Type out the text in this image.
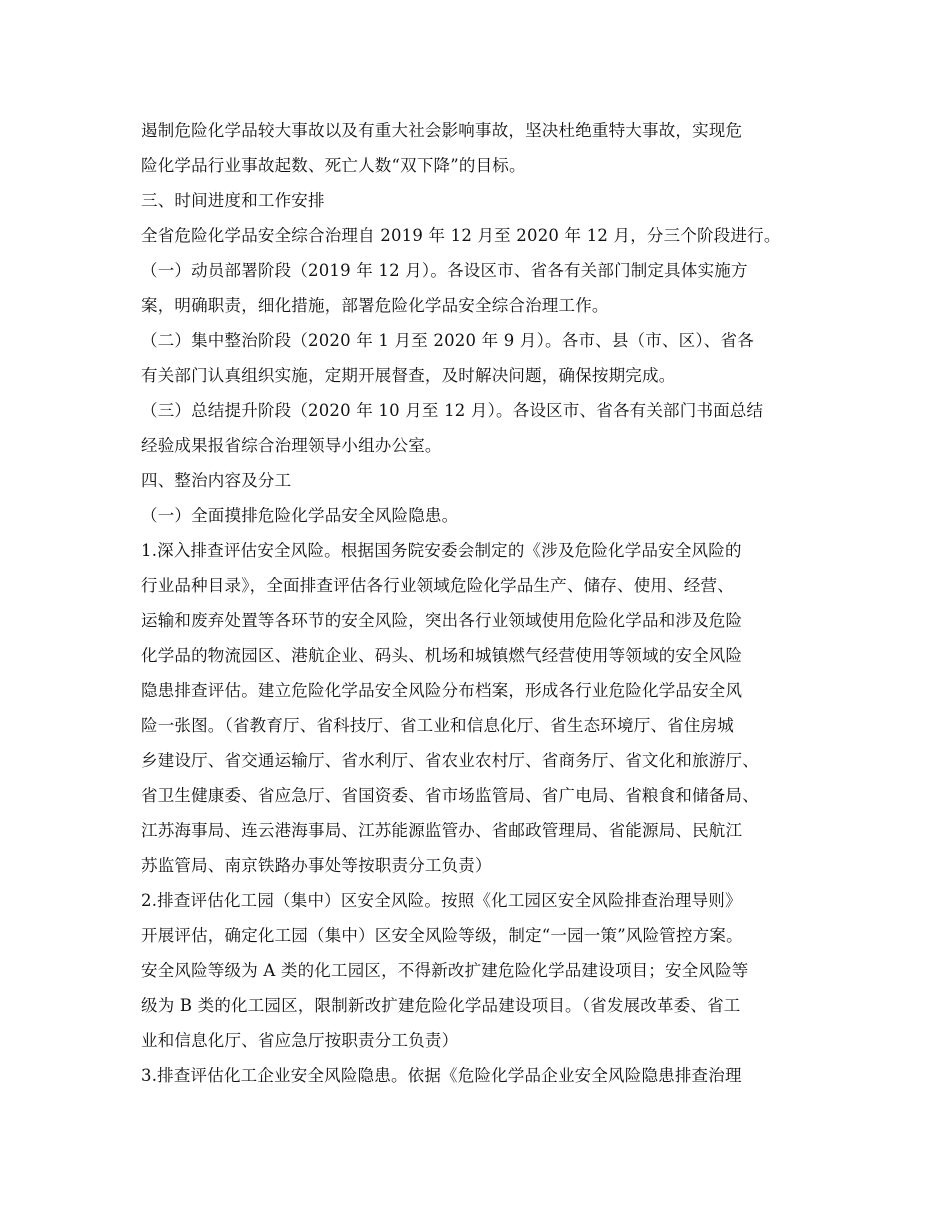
遏制危险化学品较大事故以及有重大社会影响事故，坚决杜绝重特大事故，实现危
险化学品行业事故起数、死亡人数“双下降”的目标。
三、时间进度和工作安排
全省危险化学品安全综合治理自 2019 年 12 月至 2020 年 12 月，分三个阶段进行。
（一）动员部署阶段（2019 年 12 月）。各设区市、省各有关部门制定具体实施方
案，明确职责，细化措施，部署危险化学品安全综合治理工作。
（二）集中整治阶段（2020 年 1 月至 2020 年 9 月）。各市、县（市、区）、省各
有关部门认真组织实施，定期开展督查，及时解决问题，确保按期完成。
（三）总结提升阶段（2020 年 10 月至 12 月）。各设区市、省各有关部门书面总结
经验成果报省综合治理领导小组办公室。
四、整治内容及分工
（一）全面摸排危险化学品安全风险隐患。
1.深入排查评估安全风险。根据国务院安委会制定的《涉及危险化学品安全风险的
行业品种目录》，全面排查评估各行业领域危险化学品生产、储存、使用、经营、
运输和废弃处置等各环节的安全风险，突出各行业领域使用危险化学品和涉及危险
化学品的物流园区、港航企业、码头、机场和城镇燃气经营使用等领域的安全风险
隐患排查评估。建立危险化学品安全风险分布档案，形成各行业危险化学品安全风
险一张图。（省教育厅、省科技厅、省工业和信息化厅、省生态环境厅、省住房城
乡建设厅、省交通运输厅、省水利厅、省农业农村厅、省商务厅、省文化和旅游厅、
省卫生健康委、省应急厅、省国资委、省市场监管局、省广电局、省粮食和储备局、
江苏海事局、连云港海事局、江苏能源监管办、省邮政管理局、省能源局、民航江
苏监管局、南京铁路办事处等按职责分工负责）
2.排查评估化工园（集中）区安全风险。按照《化工园区安全风险排查治理导则》
开展评估，确定化工园（集中）区安全风险等级，制定“一园一策”风险管控方案。
安全风险等级为 A 类的化工园区，不得新改扩建危险化学品建设项目；安全风险等
级为 B 类的化工园区，限制新改扩建危险化学品建设项目。（省发展改革委、省工
业和信息化厅、省应急厅按职责分工负责）
3.排查评估化工企业安全风险隐患。依据《危险化学品企业安全风险隐患排查治理
